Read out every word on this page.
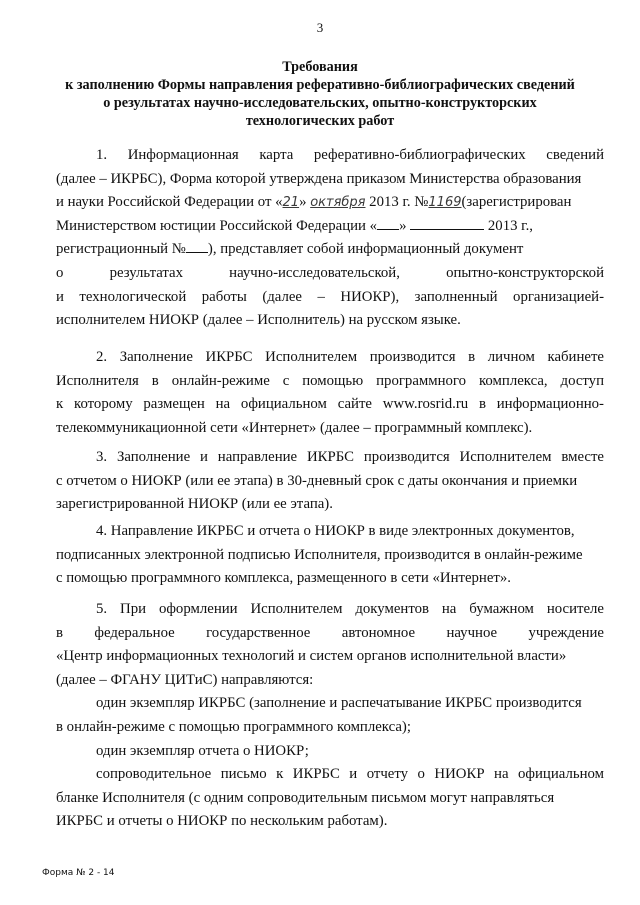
3
Требования
к заполнению Формы направления реферативно-библиографических сведений
о результатах научно-исследовательских, опытно-конструкторских
технологических работ
1. Информационная карта реферативно-библиографических сведений
(далее – ИКРБС), Форма которой утверждена приказом Министерства образования
и науки Российской Федерации от «21» октября 2013 г. №1169(зарегистрирован
Министерством юстиции Российской Федерации « »	2013 г.,
регистрационный № ), представляет собой информационный документ
о результатах научно-исследовательской, опытно-конструкторской
и технологической работы (далее – НИОКР), заполненный организацией-
исполнителем НИОКР (далее – Исполнитель) на русском языке.
2. Заполнение ИКРБС Исполнителем производится в личном кабинете
Исполнителя в онлайн-режиме с помощью программного комплекса, доступ
к которому размещен на официальном сайте www.rosrid.ru в информационно-
телекоммуникационной сети «Интернет» (далее – программный комплекс).
3. Заполнение и направление ИКРБС производится Исполнителем вместе
с отчетом о НИОКР (или ее этапа) в 30-дневный срок с даты окончания и приемки
зарегистрированной НИОКР (или ее этапа).
4. Направление ИКРБС и отчета о НИОКР в виде электронных документов,
подписанных электронной подписью Исполнителя, производится в онлайн-режиме
с помощью программного комплекса, размещенного в сети «Интернет».
5. При оформлении Исполнителем документов на бумажном носителе
в федеральное государственное автономное научное учреждение
«Центр информационных технологий и систем органов исполнительной власти»
(далее – ФГАНУ ЦИТиС) направляются:
один экземпляр ИКРБС (заполнение и распечатывание ИКРБС производится
в онлайн-режиме с помощью программного комплекса);
один экземпляр отчета о НИОКР;
сопроводительное письмо к ИКРБС и отчету о НИОКР на официальном
бланке Исполнителя (с одним сопроводительным письмом могут направляться
ИКРБС и отчеты о НИОКР по нескольким работам).
Форма № 2 - 14
